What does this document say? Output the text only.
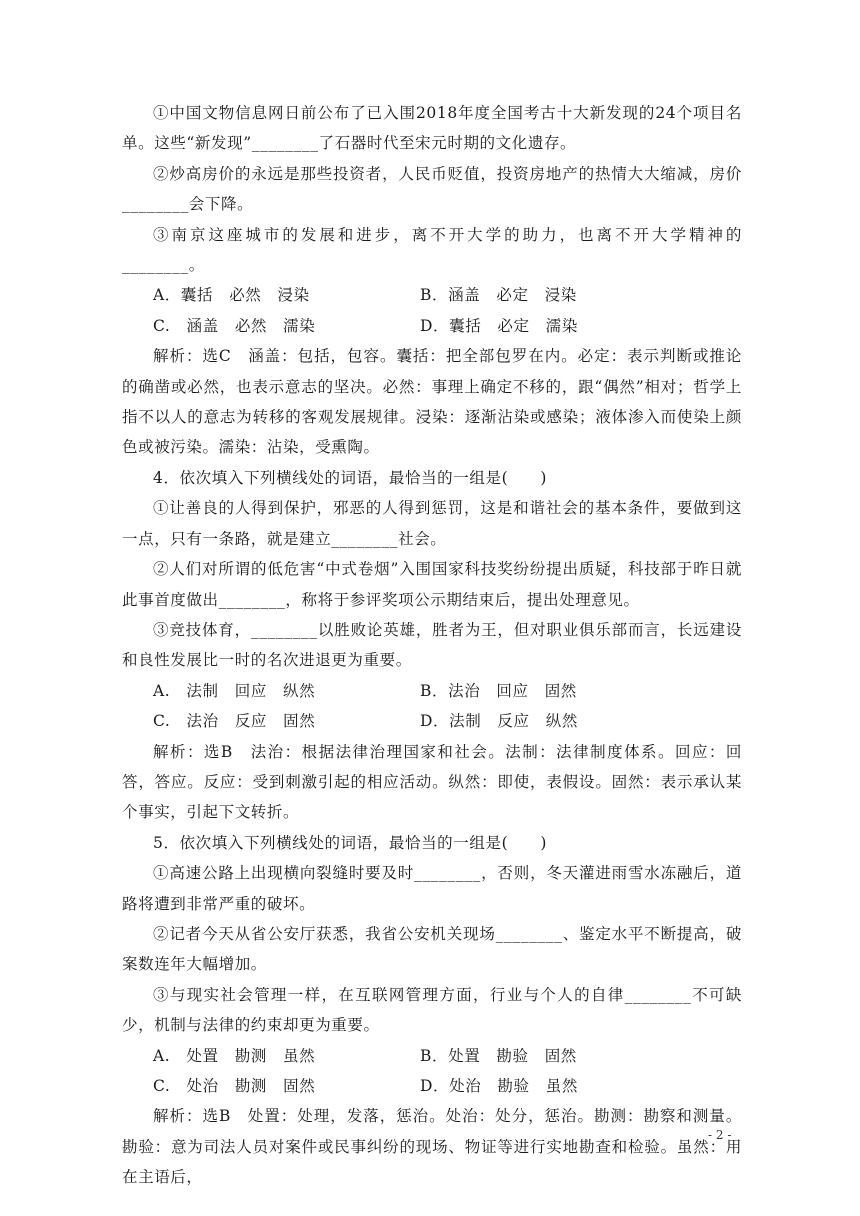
①中国文物信息网日前公布了已入围2018年度全国考古十大新发现的24个项目名单。这些“新发现”________了石器时代至宋元时期的文化遗存。

②炒高房价的永远是那些投资者，人民币贬值，投资房地产的热情大大缩减，房价________会下降。

③南京这座城市的发展和进步，离不开大学的助力，也离不开大学精神的________。

A．囊括　必然　浸染	B．涵盖　必定　浸染
C.　涵盖　必然　濡染	D．囊括　必定　濡染

解析：选C　涵盖：包括，包容。囊括：把全部包罗在内。必定：表示判断或推论的确凿或必然，也表示意志的坚决。必然：事理上确定不移的，跟“偶然”相对；哲学上指不以人的意志为转移的客观发展规律。浸染：逐渐沾染或感染；液体渗入而使染上颜色或被污染。濡染：沾染，受熏陶。

4．依次填入下列横线处的词语，最恰当的一组是(　　)

①让善良的人得到保护，邪恶的人得到惩罚，这是和谐社会的基本条件，要做到这一点，只有一条路，就是建立________社会。

②人们对所谓的低危害“中式卷烟”入围国家科技奖纷纷提出质疑，科技部于昨日就此事首度做出________，称将于参评奖项公示期结束后，提出处理意见。

③竞技体育，________以胜败论英雄，胜者为王，但对职业俱乐部而言，长远建设和良性发展比一时的名次进退更为重要。

A.　法制　回应　纵然	B．法治　回应　固然
C.　法治　反应　固然	D．法制　反应　纵然

解析：选B　法治：根据法律治理国家和社会。法制：法律制度体系。回应：回答，答应。反应：受到刺激引起的相应活动。纵然：即使，表假设。固然：表示承认某个事实，引起下文转折。

5．依次填入下列横线处的词语，最恰当的一组是(　　)

①高速公路上出现横向裂缝时要及时________，否则，冬天灌进雨雪水冻融后，道路将遭到非常严重的破坏。

②记者今天从省公安厅获悉，我省公安机关现场________、鉴定水平不断提高，破案数连年大幅增加。

③与现实社会管理一样，在互联网管理方面，行业与个人的自律________不可缺少，机制与法律的约束却更为重要。

A.　处置　勘测　虽然	B．处置　勘验　固然
C.　处治　勘测　固然	D．处治　勘验　虽然

解析：选B　处置：处理，发落，惩治。处治：处分，惩治。勘测：勘察和测量。勘验：意为司法人员对案件或民事纠纷的现场、物证等进行实地勘查和检验。虽然：用在主语后，

- 2 -
